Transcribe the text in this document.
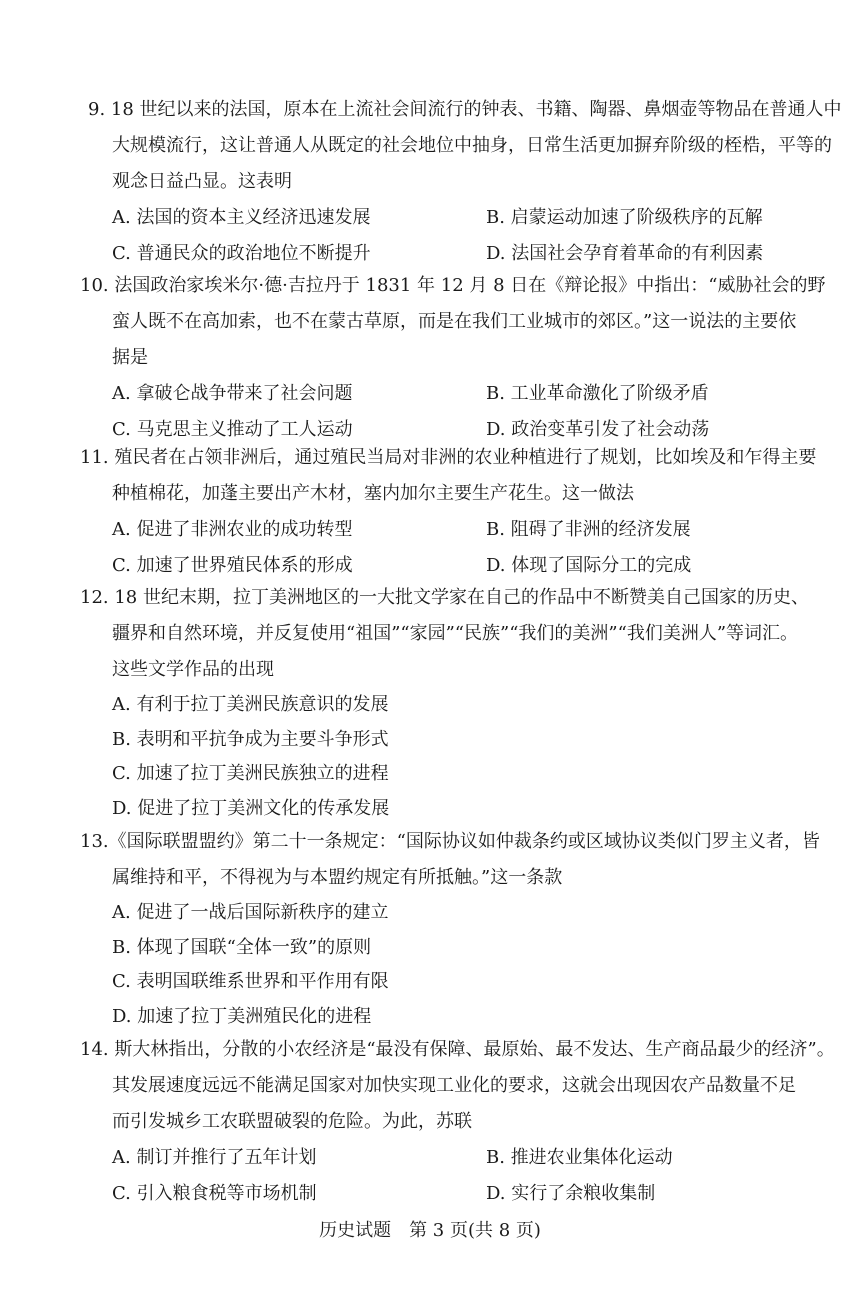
9. 18 世纪以来的法国，原本在上流社会间流行的钟表、书籍、陶器、鼻烟壶等物品在普通人中
大规模流行，这让普通人从既定的社会地位中抽身，日常生活更加摒弃阶级的桎梏，平等的
观念日益凸显。这表明
A. 法国的资本主义经济迅速发展	B. 启蒙运动加速了阶级秩序的瓦解
C. 普通民众的政治地位不断提升	D. 法国社会孕育着革命的有利因素
10. 法国政治家埃米尔·德·吉拉丹于 1831 年 12 月 8 日在《辩论报》中指出：“威胁社会的野
蛮人既不在高加索，也不在蒙古草原，而是在我们工业城市的郊区。”这一说法的主要依
据是
A. 拿破仑战争带来了社会问题	B. 工业革命激化了阶级矛盾
C. 马克思主义推动了工人运动	D. 政治变革引发了社会动荡
11. 殖民者在占领非洲后，通过殖民当局对非洲的农业种植进行了规划，比如埃及和乍得主要
种植棉花，加蓬主要出产木材，塞内加尔主要生产花生。这一做法
A. 促进了非洲农业的成功转型	B. 阻碍了非洲的经济发展
C. 加速了世界殖民体系的形成	D. 体现了国际分工的完成
12. 18 世纪末期，拉丁美洲地区的一大批文学家在自己的作品中不断赞美自己国家的历史、
疆界和自然环境，并反复使用“祖国”“家园”“民族”“我们的美洲”“我们美洲人”等词汇。
这些文学作品的出现
A. 有利于拉丁美洲民族意识的发展
B. 表明和平抗争成为主要斗争形式
C. 加速了拉丁美洲民族独立的进程
D. 促进了拉丁美洲文化的传承发展
13.《国际联盟盟约》第二十一条规定：“国际协议如仲裁条约或区域协议类似门罗主义者，皆
属维持和平，不得视为与本盟约规定有所抵触。”这一条款
A. 促进了一战后国际新秩序的建立
B. 体现了国联“全体一致”的原则
C. 表明国联维系世界和平作用有限
D. 加速了拉丁美洲殖民化的进程
14. 斯大林指出，分散的小农经济是“最没有保障、最原始、最不发达、生产商品最少的经济”。
其发展速度远远不能满足国家对加快实现工业化的要求，这就会出现因农产品数量不足
而引发城乡工农联盟破裂的危险。为此，苏联
A. 制订并推行了五年计划	B. 推进农业集体化运动
C. 引入粮食税等市场机制	D. 实行了余粮收集制
历史试题　第 3 页(共 8 页)
